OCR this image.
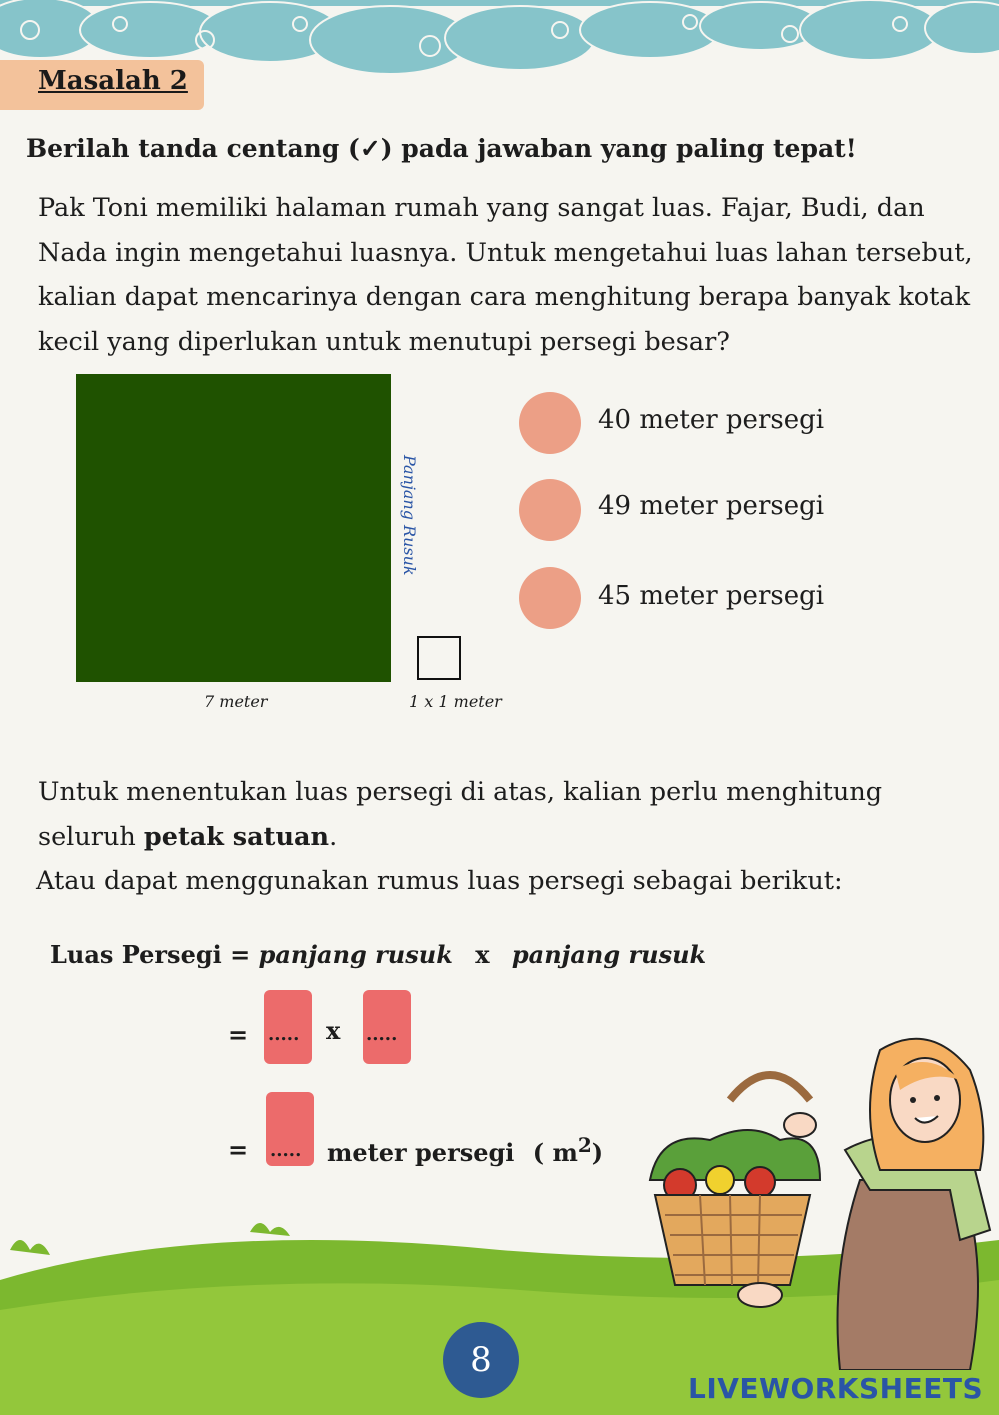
Masalah 2
Berilah tanda centang (✓) pada jawaban yang paling tepat!
Pak Toni memiliki halaman rumah yang sangat luas. Fajar, Budi, dan
Nada ingin mengetahui luasnya. Untuk mengetahui luas lahan tersebut,
kalian dapat mencarinya dengan cara menghitung berapa banyak kotak
kecil yang diperlukan untuk menutupi persegi besar?
Panjang Rusuk
7 meter	1 x 1 meter
40 meter persegi
49 meter persegi
45 meter persegi
Untuk menentukan luas persegi di atas, kalian perlu menghitung
seluruh petak satuan.
Atau dapat menggunakan rumus luas persegi sebagai berikut:
Luas Persegi = panjang rusuk x panjang rusuk
= ..... x .....
= ..... meter persegi ( $m^2$)
8
LIVEWORKSHEETS
